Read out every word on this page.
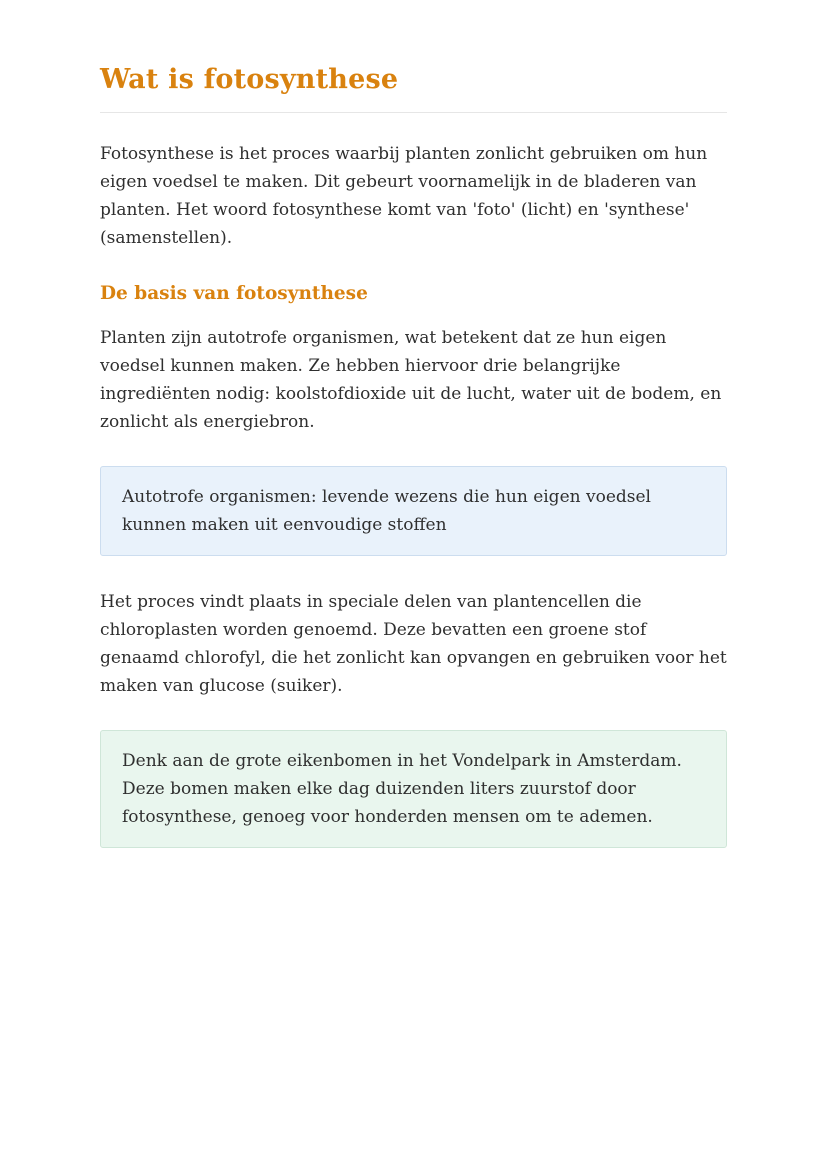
Wat is fotosynthese

Fotosynthese is het proces waarbij planten zonlicht gebruiken om hun eigen voedsel te maken. Dit gebeurt voornamelijk in de bladeren van planten. Het woord fotosynthese komt van 'foto' (licht) en 'synthese' (samenstellen).

De basis van fotosynthese

Planten zijn autotrofe organismen, wat betekent dat ze hun eigen voedsel kunnen maken. Ze hebben hiervoor drie belangrijke ingrediënten nodig: koolstofdioxide uit de lucht, water uit de bodem, en zonlicht als energiebron.

Autotrofe organismen: levende wezens die hun eigen voedsel kunnen maken uit eenvoudige stoffen

Het proces vindt plaats in speciale delen van plantencellen die chloroplasten worden genoemd. Deze bevatten een groene stof genaamd chlorofyl, die het zonlicht kan opvangen en gebruiken voor het maken van glucose (suiker).

Denk aan de grote eikenbomen in het Vondelpark in Amsterdam. Deze bomen maken elke dag duizenden liters zuurstof door fotosynthese, genoeg voor honderden mensen om te ademen.
